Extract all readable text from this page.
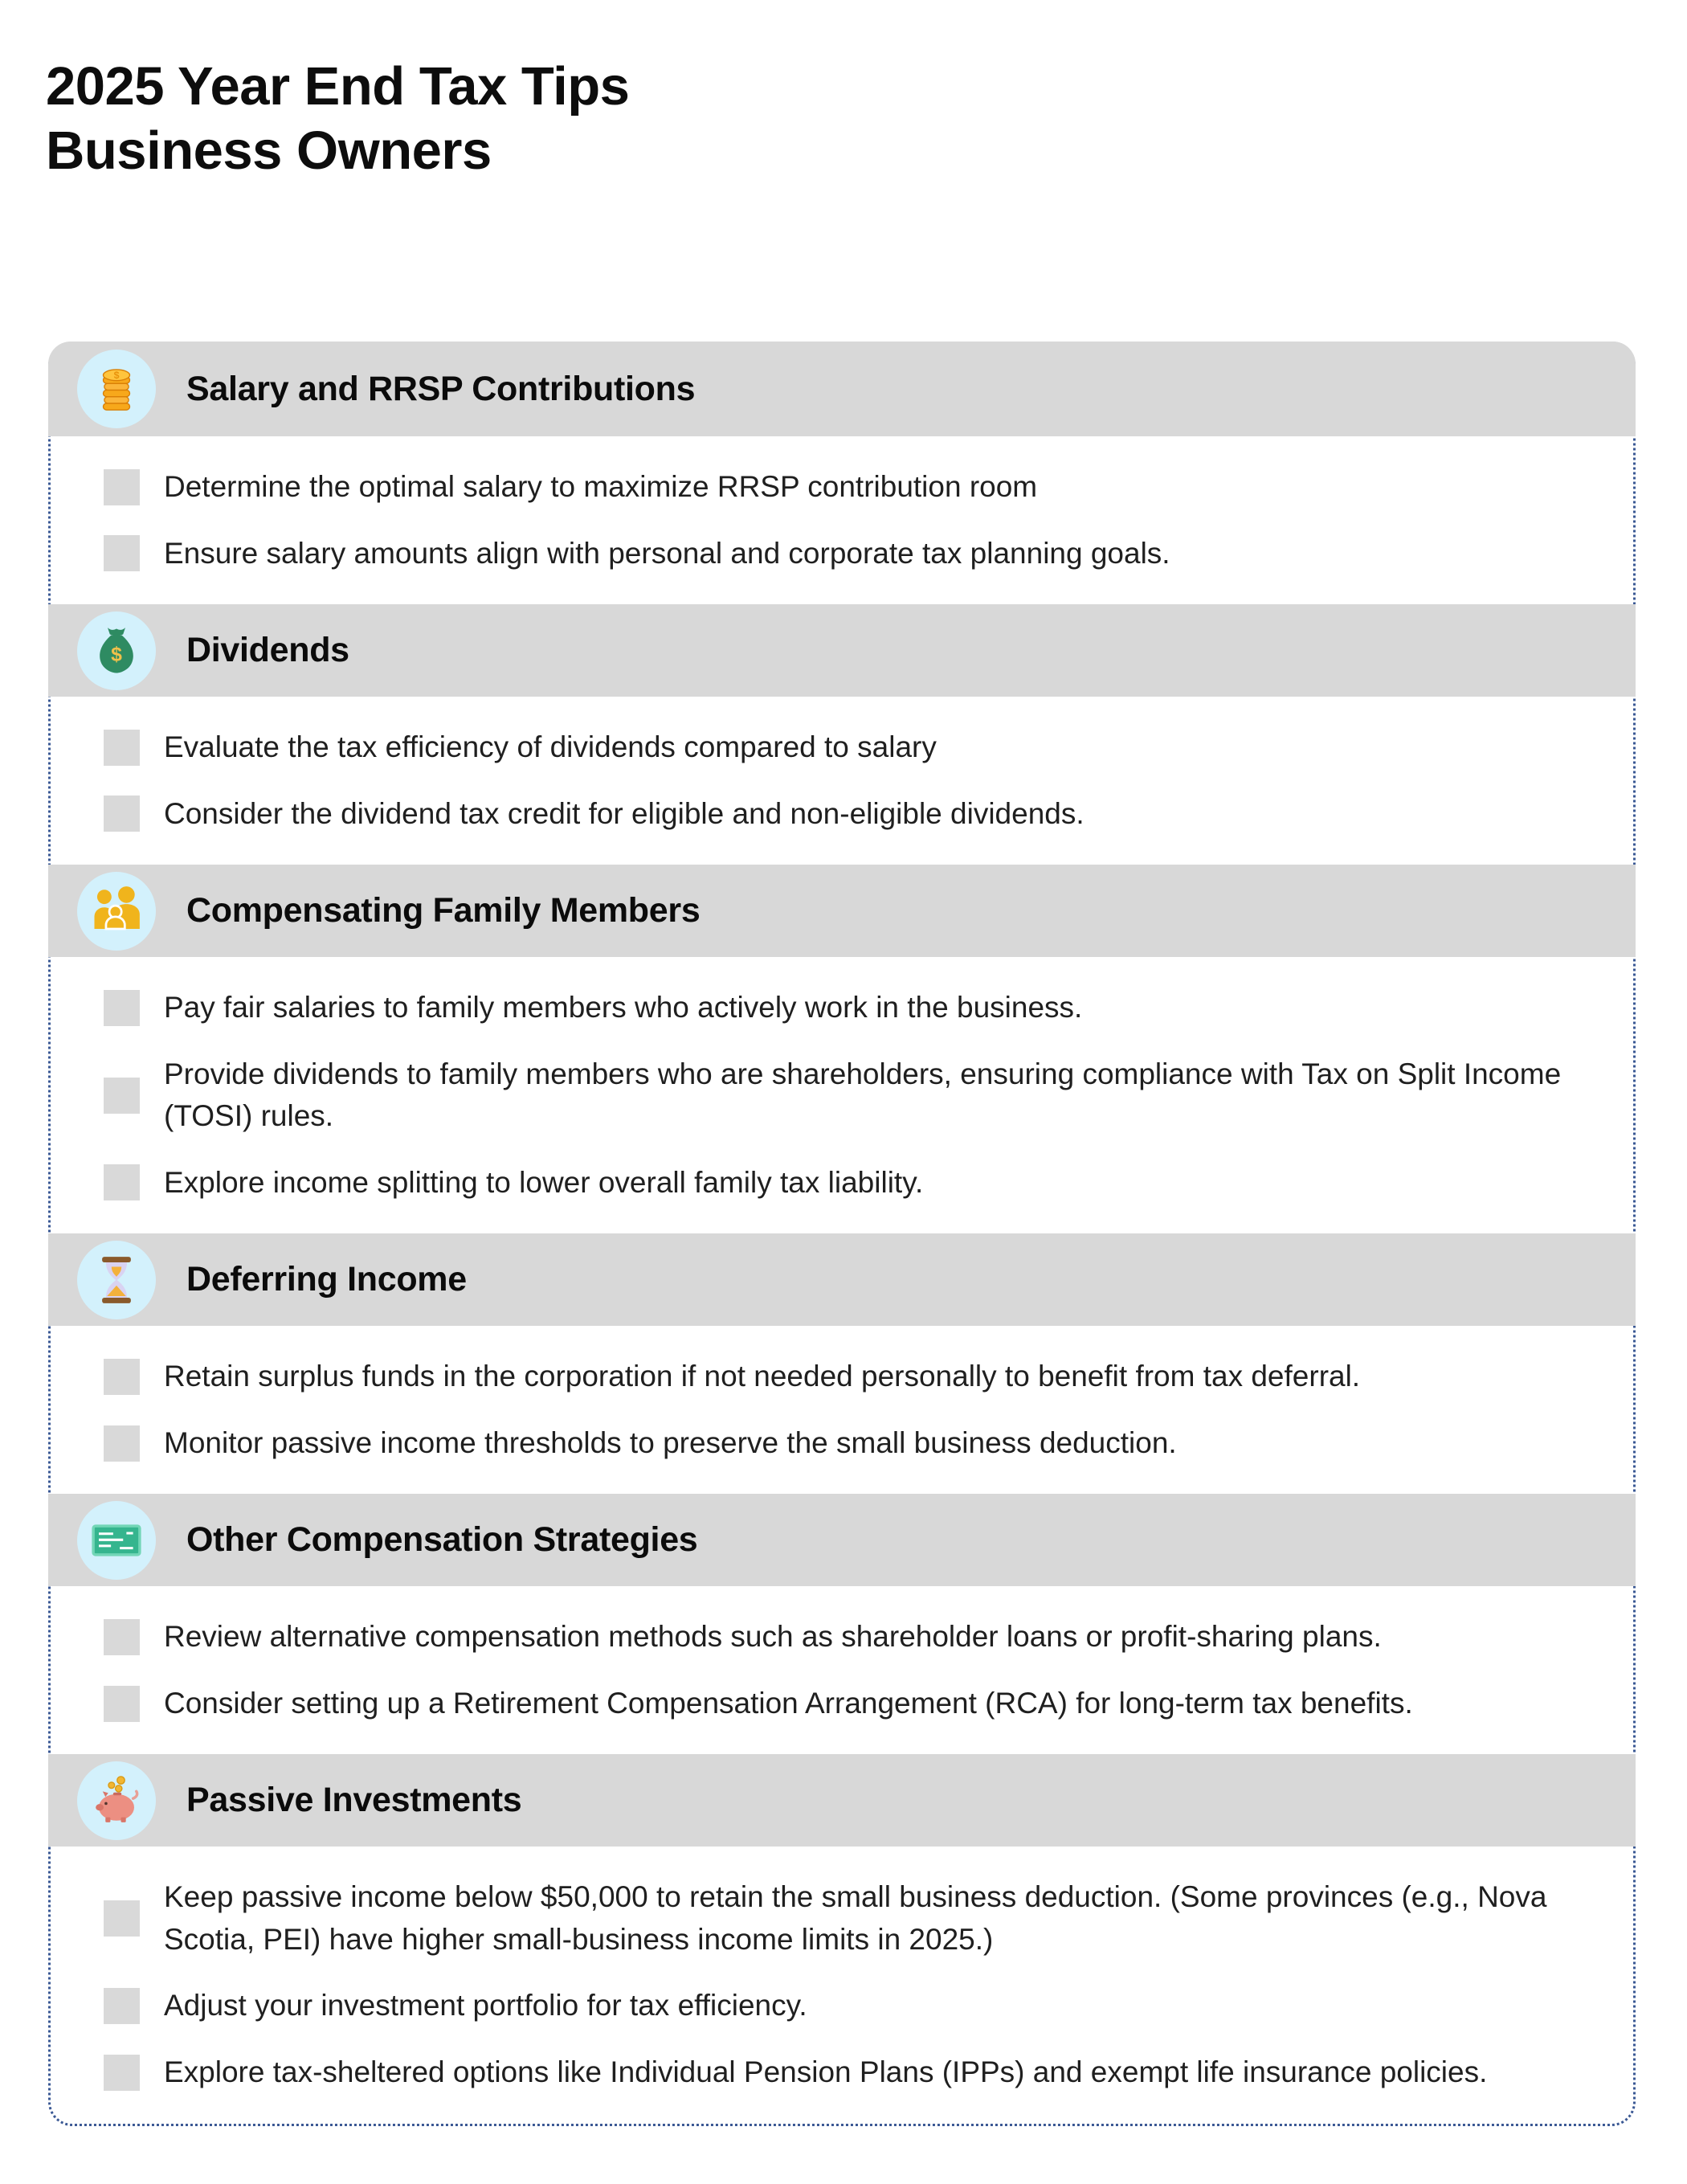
2025 Year End Tax Tips
Business Owners
$ Salary and RRSP Contributions
Determine the optimal salary to maximize RRSP contribution room
Ensure salary amounts align with personal and corporate tax planning goals.
$ Dividends
Evaluate the tax efficiency of dividends compared to salary
Consider the dividend tax credit for eligible and non-eligible dividends.
Compensating Family Members
Pay fair salaries to family members who actively work in the business.
Provide dividends to family members who are shareholders, ensuring compliance with Tax on Split Income (TOSI) rules.
Explore income splitting to lower overall family tax liability.
Deferring Income
Retain surplus funds in the corporation if not needed personally to benefit from tax deferral.
Monitor passive income thresholds to preserve the small business deduction.
Other Compensation Strategies
Review alternative compensation methods such as shareholder loans or profit-sharing plans.
Consider setting up a Retirement Compensation Arrangement (RCA) for long-term tax benefits.
Passive Investments
Keep passive income below $50,000 to retain the small business deduction. (Some provinces (e.g., Nova Scotia, PEI) have higher small-business income limits in 2025.)
Adjust your investment portfolio for tax efficiency.
Explore tax-sheltered options like Individual Pension Plans (IPPs) and exempt life insurance policies.
